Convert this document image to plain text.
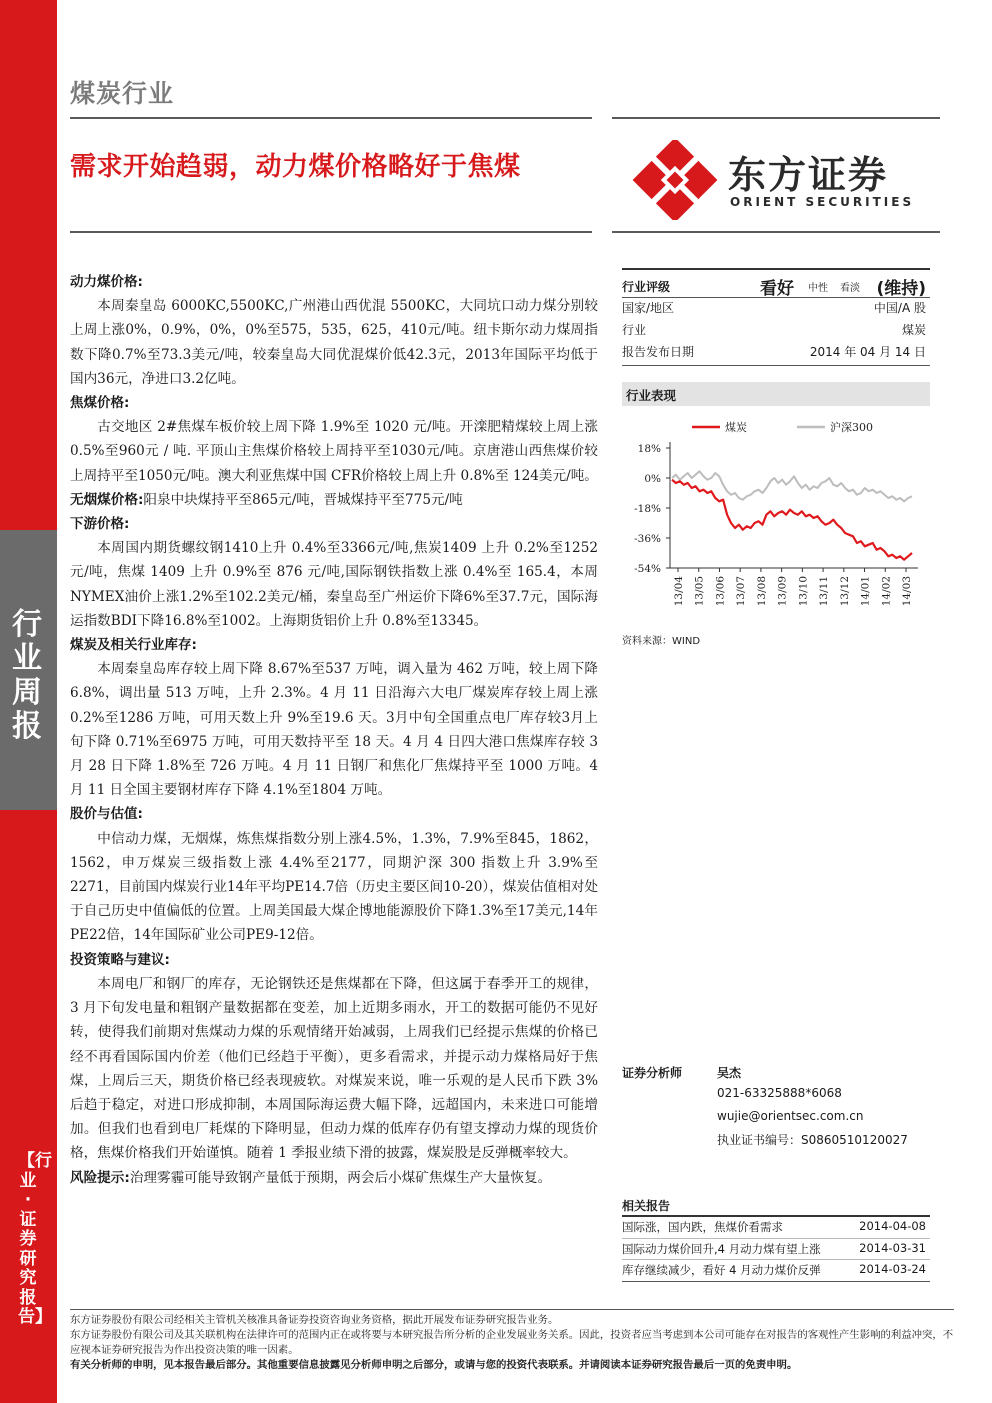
行业周报
【行业·证券研究报告】
煤炭行业
需求开始趋弱，动力煤价格略好于焦煤	东方证券
ORIENT SECURITIES
动力煤价格:

本周秦皇岛 6000KC,5500KC,广州港山西优混 5500KC，大同坑口动力煤分别较上周上涨0%，0.9%，0%，0%至575，535，625，410元/吨。纽卡斯尔动力煤周指数下降0.7%至73.3美元/吨，较秦皇岛大同优混煤价低42.3元，2013年国际平均低于国内36元，净进口3.2亿吨。

焦煤价格:

古交地区 2#焦煤车板价较上周下降 1.9%至 1020 元/吨。开滦肥精煤较上周上涨0.5%至960元 / 吨. 平顶山主焦煤价格较上周持平至1030元/吨。京唐港山西焦煤价较上周持平至1050元/吨。澳大利亚焦煤中国 CFR价格较上周上升 0.8%至 124美元/吨。

无烟煤价格:阳泉中块煤持平至865元/吨，晋城煤持平至775元/吨
下游价格:

本周国内期货螺纹钢1410上升 0.4%至3366元/吨,焦炭1409 上升 0.2%至1252元/吨，焦煤 1409 上升 0.9%至 876 元/吨,国际钢铁指数上涨 0.4%至 165.4，本周NYMEX油价上涨1.2%至102.2美元/桶，秦皇岛至广州运价下降6%至37.7元，国际海运指数BDI下降16.8%至1002。上海期货铝价上升 0.8%至13345。

煤炭及相关行业库存:

本周秦皇岛库存较上周下降 8.67%至537 万吨，调入量为 462 万吨，较上周下降6.8%，调出量 513 万吨，上升 2.3%。4 月 11 日沿海六大电厂煤炭库存较上周上涨0.2%至1286 万吨，可用天数上升 9%至19.6 天。3月中旬全国重点电厂库存较3月上旬下降 0.71%至6975 万吨，可用天数持平至 18 天。4 月 4 日四大港口焦煤库存较 3 月 28 日下降 1.8%至 726 万吨。4 月 11 日钢厂和焦化厂焦煤持平至 1000 万吨。4 月 11 日全国主要钢材库存下降 4.1%至1804 万吨。

股价与估值:

中信动力煤，无烟煤，炼焦煤指数分别上涨4.5%，1.3%，7.9%至845，1862，1562，申万煤炭三级指数上涨 4.4%至2177，同期沪深 300 指数上升 3.9%至2271，目前国内煤炭行业14年平均PE14.7倍（历史主要区间10-20），煤炭估值相对处于自己历史中值偏低的位置。上周美国最大煤企博地能源股价下降1.3%至17美元,14年PE22倍，14年国际矿业公司PE9-12倍。

投资策略与建议:

本周电厂和钢厂的库存，无论钢铁还是焦煤都在下降，但这属于春季开工的规律， 3 月下旬发电量和粗钢产量数据都在变差，加上近期多雨水，开工的数据可能仍不见好转，使得我们前期对焦煤动力煤的乐观情绪开始减弱，上周我们已经提示焦煤的价格已经不再看国际国内价差（他们已经趋于平衡），更多看需求，并提示动力煤格局好于焦煤，上周后三天，期货价格已经表现疲软。对煤炭来说，唯一乐观的是人民币下跌 3%后趋于稳定，对进口形成抑制，本周国际海运费大幅下降，远超国内，未来进口可能增加。但我们也看到电厂耗煤的下降明显，但动力煤的低库存仍有望支撑动力煤的现货价格，焦煤价格我们开始谨慎。随着 1 季报业绩下滑的披露，煤炭股是反弹概率较大。

风险提示:治理雾霾可能导致钢产量低于预期，两会后小煤矿焦煤生产大量恢复。
行业评级	看好 中性 看淡 (维持)
国家/地区	中国/A 股
行业	煤炭
报告发布日期	2014 年 04 月 14 日
行业表现
煤炭	沪深300
18%
0%
-18%
-36%
-54%
13/04 13/05 13/06 13/07 13/08 13/09 13/10 13/11 13/12 14/01 14/02 14/03
资料来源：WIND
证券分析师	吴杰
021-63325888*6068
wujie@orientsec.com.cn
执业证书编号：S0860510120027
相关报告
国际涨，国内跌，焦煤价看需求	2014-04-08
国际动力煤价回升,4 月动力煤有望上涨	2014-03-31
库存继续减少，看好 4 月动力煤价反弹	2014-03-24
东方证券股份有限公司经相关主管机关核准具备证券投资咨询业务资格，据此开展发布证券研究报告业务。
东方证券股份有限公司及其关联机构在法律许可的范围内正在或将要与本研究报告所分析的企业发展业务关系。因此，投资者应当考虑到本公司可能存在对报告的客观性产生影响的利益冲突，不应视本证券研究报告为作出投资决策的唯一因素。
有关分析师的申明，见本报告最后部分。其他重要信息披露见分析师申明之后部分，或请与您的投资代表联系。并请阅读本证券研究报告最后一页的免责申明。
